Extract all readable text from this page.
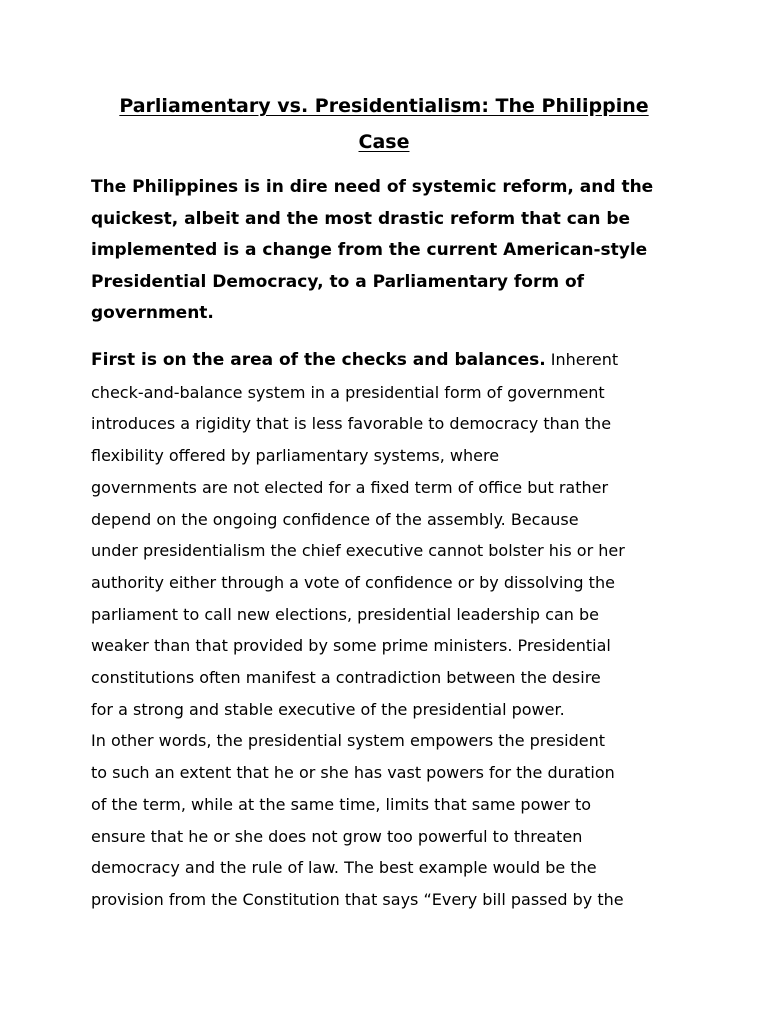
Parliamentary vs. Presidentialism: The Philippine
Case

The Philippines is in dire need of systemic reform, and the
quickest, albeit and the most drastic reform that can be
implemented is a change from the current American-style
Presidential Democracy, to a Parliamentary form of
government.

First is on the area of the checks and balances. Inherent
check-and-balance system in a presidential form of government
introduces a rigidity that is less favorable to democracy than the
flexibility offered by parliamentary systems, where
governments are not elected for a fixed term of office but rather
depend on the ongoing confidence of the assembly. Because
under presidentialism the chief executive cannot bolster his or her
authority either through a vote of confidence or by dissolving the
parliament to call new elections, presidential leadership can be
weaker than that provided by some prime ministers. Presidential
constitutions often manifest a contradiction between the desire
for a strong and stable executive of the presidential power.
In other words, the presidential system empowers the president
to such an extent that he or she has vast powers for the duration
of the term, while at the same time, limits that same power to
ensure that he or she does not grow too powerful to threaten
democracy and the rule of law. The best example would be the
provision from the Constitution that says “Every bill passed by the
